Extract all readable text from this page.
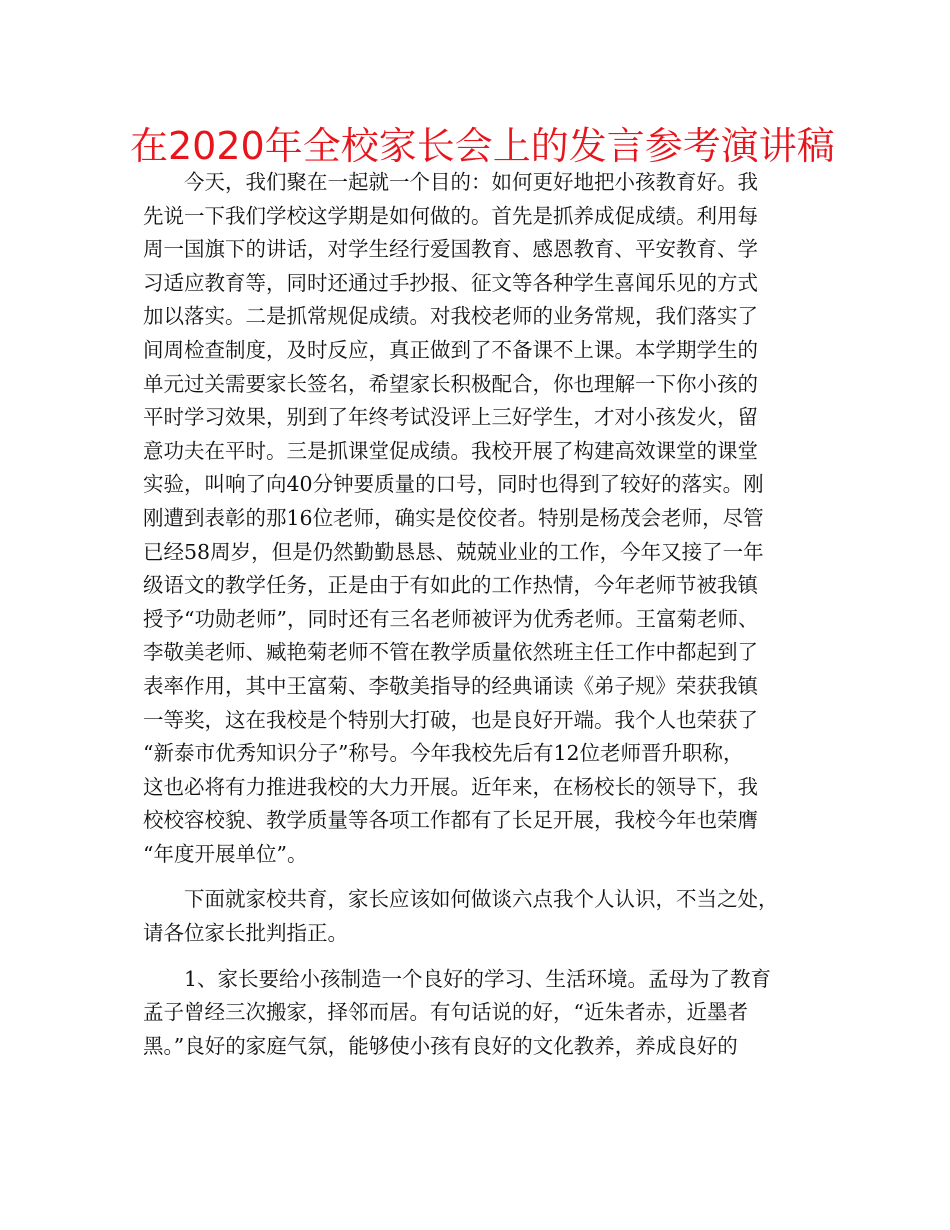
在2020年全校家长会上的发言参考演讲稿
今天，我们聚在一起就一个目的：如何更好地把小孩教育好。我
先说一下我们学校这学期是如何做的。首先是抓养成促成绩。利用每
周一国旗下的讲话，对学生经行爱国教育、感恩教育、平安教育、学
习适应教育等，同时还通过手抄报、征文等各种学生喜闻乐见的方式
加以落实。二是抓常规促成绩。对我校老师的业务常规，我们落实了
间周检查制度，及时反应，真正做到了不备课不上课。本学期学生的
单元过关需要家长签名，希望家长积极配合，你也理解一下你小孩的
平时学习效果，别到了年终考试没评上三好学生，才对小孩发火，留
意功夫在平时。三是抓课堂促成绩。我校开展了构建高效课堂的课堂
实验，叫响了向40分钟要质量的口号，同时也得到了较好的落实。刚
刚遭到表彰的那16位老师，确实是佼佼者。特别是杨茂会老师，尽管
已经58周岁，但是仍然勤勤恳恳、兢兢业业的工作，今年又接了一年
级语文的教学任务，正是由于有如此的工作热情，今年老师节被我镇
授予“功勋老师”，同时还有三名老师被评为优秀老师。王富菊老师、
李敬美老师、臧艳菊老师不管在教学质量依然班主任工作中都起到了
表率作用，其中王富菊、李敬美指导的经典诵读《弟子规》荣获我镇
一等奖，这在我校是个特别大打破，也是良好开端。我个人也荣获了
“新泰市优秀知识分子”称号。今年我校先后有12位老师晋升职称，
这也必将有力推进我校的大力开展。近年来，在杨校长的领导下，我
校校容校貌、教学质量等各项工作都有了长足开展，我校今年也荣膺
“年度开展单位”。
下面就家校共育，家长应该如何做谈六点我个人认识，不当之处，
请各位家长批判指正。
1、家长要给小孩制造一个良好的学习、生活环境。孟母为了教育
孟子曾经三次搬家，择邻而居。有句话说的好，“近朱者赤，近墨者
黑。”良好的家庭气氛，能够使小孩有良好的文化教养，养成良好的
